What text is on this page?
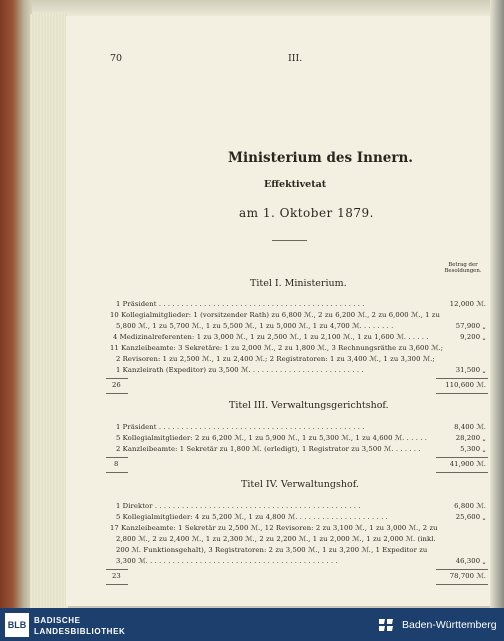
70	III.
Ministerium des Innern.
Effektivetat
am 1. Oktober 1879.
Betrag der
Besoldungen.
Titel I. Ministerium.
1 Präsident . . . . . . . . . . . . . . . . . . . . . . . . . . . . . . . . . . . . . . . . . . . . . .	12,000 ℳ.
10 Kollegialmitglieder: 1 (vorsitzender Rath) zu 6,800 ℳ., 2 zu 6,200 ℳ., 2 zu 6,000 ℳ., 1 zu
5,800 ℳ., 1 zu 5,700 ℳ., 1 zu 5,500 ℳ., 1 zu 5,000 ℳ., 1 zu 4,700 ℳ. . . . . . . .	57,900 „
4 Medizinalreferenten: 1 zu 3,000 ℳ., 1 zu 2,500 ℳ., 1 zu 2,100 ℳ., 1 zu 1,600 ℳ. . . . . .	9,200 „
11 Kanzleibeamte: 3 Sekretäre: 1 zu 2,000 ℳ., 2 zu 1,800 ℳ., 3 Rechnungsräthe zu 3,600 ℳ.;
2 Revisoren: 1 zu 2,500 ℳ., 1 zu 2,400 ℳ.; 2 Registratoren: 1 zu 3,400 ℳ., 1 zu 3,300 ℳ.;
1 Kanzleirath (Expeditor) zu 3,500 ℳ. . . . . . . . . . . . . . . . . . . . . . . . . .	31,500 „
26	110,600 ℳ.
Titel III. Verwaltungsgerichtshof.
1 Präsident . . . . . . . . . . . . . . . . . . . . . . . . . . . . . . . . . . . . . . . . . . . . . .	8,400 ℳ.
5 Kollegialmitglieder: 2 zu 6,200 ℳ., 1 zu 5,900 ℳ., 1 zu 5,300 ℳ., 1 zu 4,600 ℳ. . . . . .	28,200 „
2 Kanzleibeamte: 1 Sekretär zu 1,800 ℳ. (erledigt), 1 Registrator zu 3,500 ℳ. . . . . . .	5,300 „
8	41,900 ℳ.
Titel IV. Verwaltungshof.
1 Direktor . . . . . . . . . . . . . . . . . . . . . . . . . . . . . . . . . . . . . . . . . . . . . .	6,800 ℳ.
5 Kollegialmitglieder: 4 zu 5,200 ℳ., 1 zu 4,800 ℳ. . . . . . . . . . . . . . . . . . . . .	25,600 „
17 Kanzleibeamte: 1 Sekretär zu 2,500 ℳ., 12 Revisoren: 2 zu 3,100 ℳ., 1 zu 3,000 ℳ., 2 zu
2,800 ℳ., 2 zu 2,400 ℳ., 1 zu 2,300 ℳ., 2 zu 2,200 ℳ., 1 zu 2,000 ℳ., 1 zu 2,000 ℳ. (inkl.
200 ℳ. Funktionsgehalt), 3 Registratoren: 2 zu 3,500 ℳ., 1 zu 3,200 ℳ., 1 Expeditor zu
3,300 ℳ. . . . . . . . . . . . . . . . . . . . . . . . . . . . . . . . . . . . . . . . . . .	46,300 „
23	78,700 ℳ.
BLB BADISCHE
LANDESBIBLIOTHEK
Baden-Württemberg
